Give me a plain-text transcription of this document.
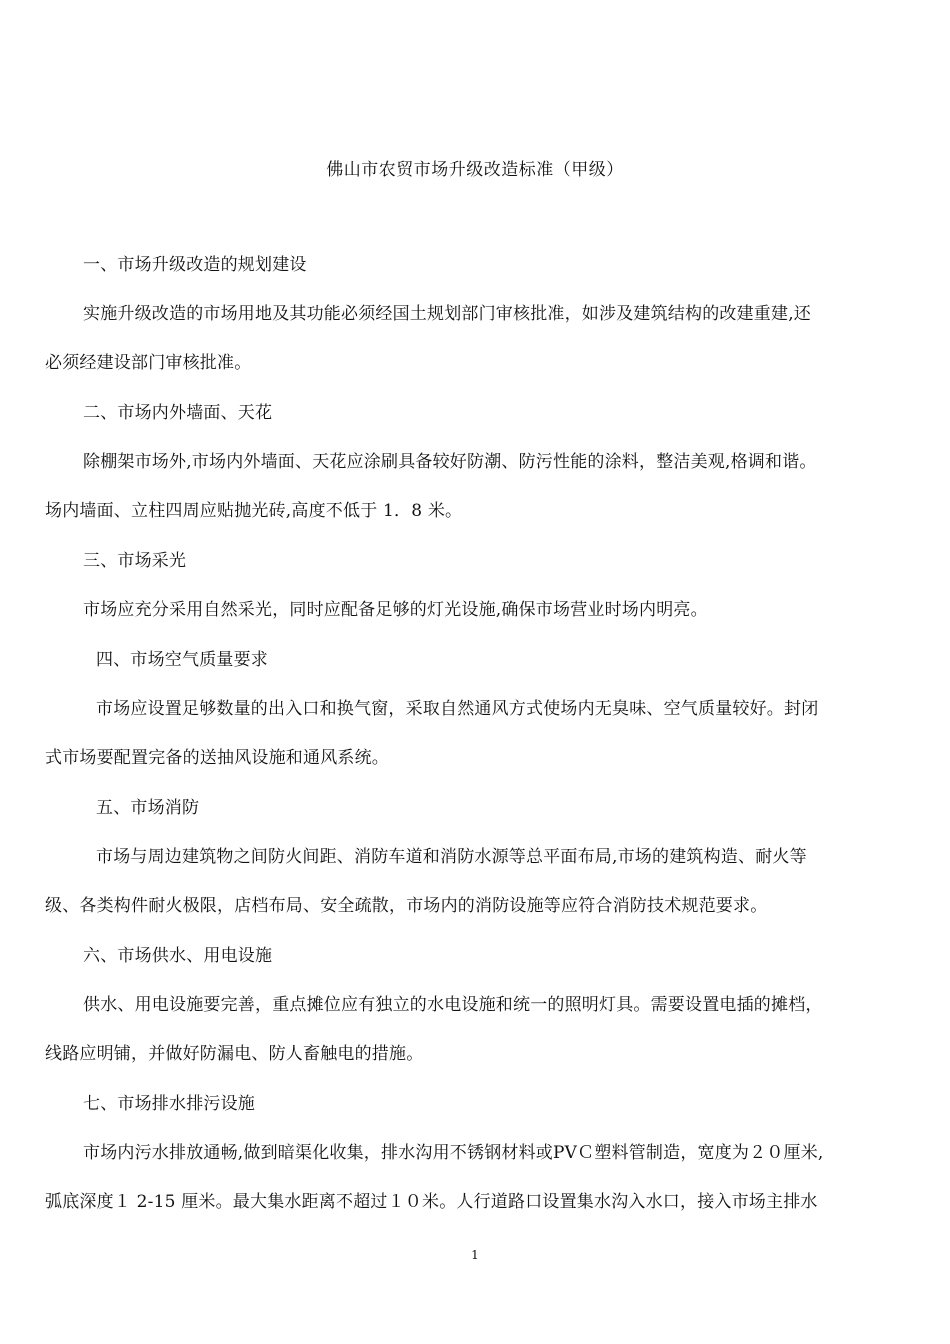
佛山市农贸市场升级改造标准（甲级）
一、市场升级改造的规划建设
实施升级改造的市场用地及其功能必须经国土规划部门审核批准，如涉及建筑结构的改建重建,还
必须经建设部门审核批准。
二、市场内外墙面、天花
除棚架市场外,市场内外墙面、天花应涂刷具备较好防潮、防污性能的涂料，整洁美观,格调和谐。
场内墙面、立柱四周应贴抛光砖,高度不低于 1．8 米。
三、市场采光
市场应充分采用自然采光，同时应配备足够的灯光设施,确保市场营业时场内明亮。
四、市场空气质量要求
市场应设置足够数量的出入口和换气窗，采取自然通风方式使场内无臭味、空气质量较好。封闭
式市场要配置完备的送抽风设施和通风系统。
五、市场消防
市场与周边建筑物之间防火间距、消防车道和消防水源等总平面布局,市场的建筑构造、耐火等
级、各类构件耐火极限，店档布局、安全疏散，市场内的消防设施等应符合消防技术规范要求。
六、市场供水、用电设施
供水、用电设施要完善，重点摊位应有独立的水电设施和统一的照明灯具。需要设置电插的摊档，
线路应明铺，并做好防漏电、防人畜触电的措施。
七、市场排水排污设施
市场内污水排放通畅,做到暗渠化收集，排水沟用不锈钢材料或PVＣ塑料管制造，宽度为２０厘米,
弧底深度１ 2-15 厘米。最大集水距离不超过１０米。人行道路口设置集水沟入水口，接入市场主排水
1
